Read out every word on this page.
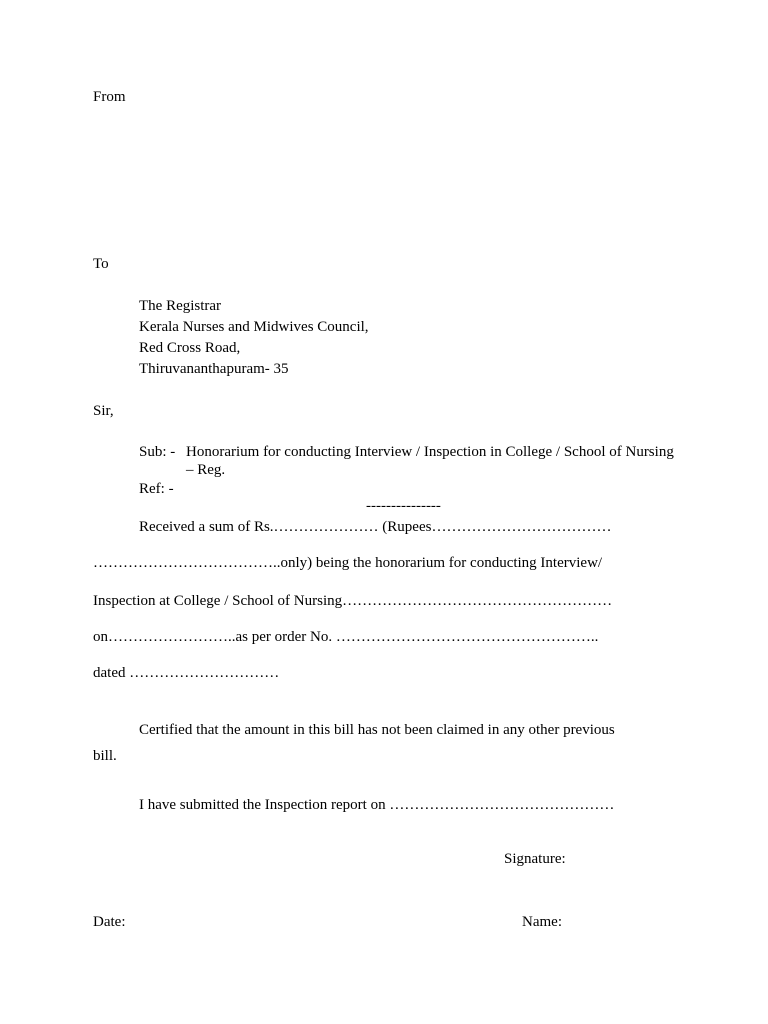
From
To
The Registrar
Kerala Nurses and Midwives Council,
Red Cross Road,
Thiruvananthapuram- 35
Sir,
Sub: - Honorarium for conducting Interview / Inspection in College / School of Nursing – Reg.
Ref: -
---------------
Received a sum of Rs.………………… (Rupees………………………………
………………………………..only) being the honorarium for conducting Interview/
Inspection at College / School of Nursing………………………………………………
on……………………..as per order No. ……………………………………………..
dated …………………………
Certified that the amount in this bill has not been claimed in any other previous
bill.
I have submitted the Inspection report on ………………………………………
Signature:
Date:	Name:
